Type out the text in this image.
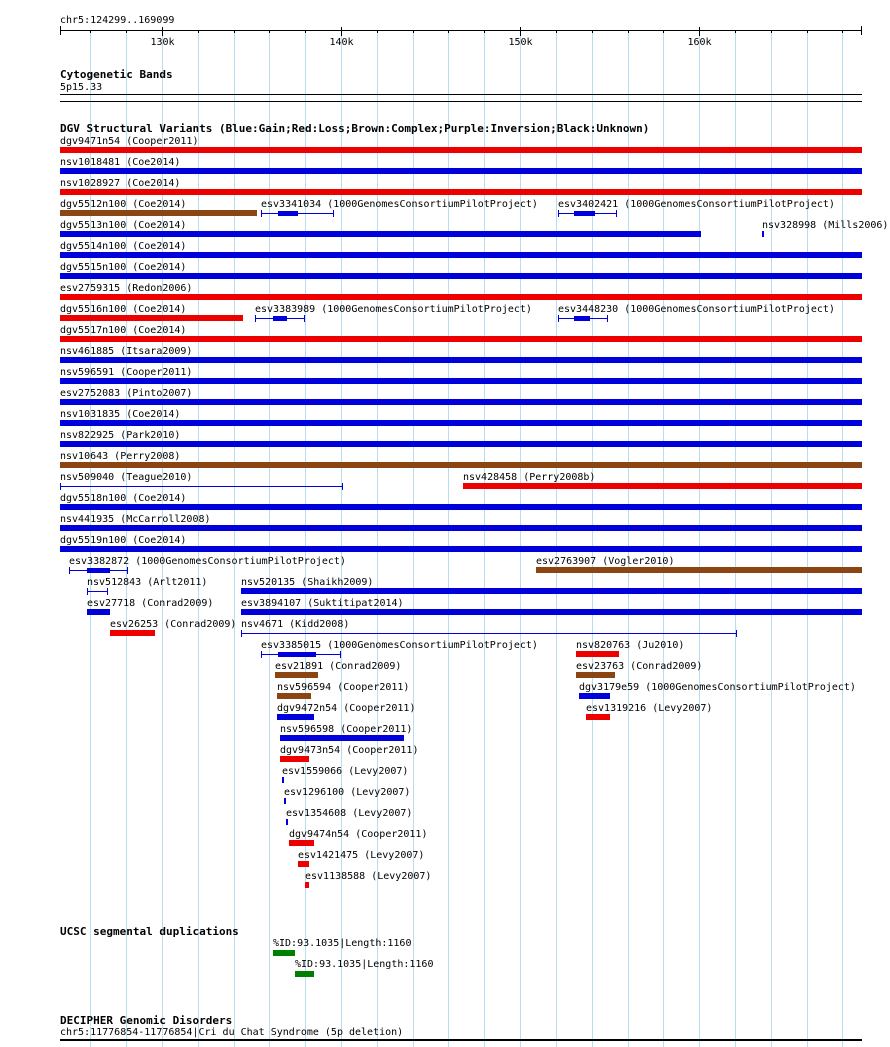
chr5:124299..169099
130k	140k	150k	160k
Cytogenetic Bands
5p15.33
DGV Structural Variants (Blue:Gain;Red:Loss;Brown:Complex;Purple:Inversion;Black:Unknown)
dgv9471n54 (Cooper2011)
nsv1018481 (Coe2014)
nsv1028927 (Coe2014)
dgv5512n100 (Coe2014)	esv3341034 (1000GenomesConsortiumPilotProject) esv3402421 (1000GenomesConsortiumPilotProject)
dgv5513n100 (Coe2014)	nsv328998 (Mills2006)
dgv5514n100 (Coe2014)
dgv5515n100 (Coe2014)
esv2759315 (Redon2006)
dgv5516n100 (Coe2014)	esv3383989 (1000GenomesConsortiumPilotProject)	esv3448230 (1000GenomesConsortiumPilotProject)
dgv5517n100 (Coe2014)
nsv461885 (Itsara2009)
nsv596591 (Cooper2011)
esv2752083 (Pinto2007)
nsv1031835 (Coe2014)
nsv822925 (Park2010)
nsv10643 (Perry2008)
nsv509040 (Teague2010)	nsv428458 (Perry2008b)
dgv5518n100 (Coe2014)
nsv441935 (McCarroll2008)
dgv5519n100 (Coe2014)
esv3382872 (1000GenomesConsortiumPilotProject)	esv2763907 (Vogler2010)
nsv512843 (Arlt2011)	nsv520135 (Shaikh2009)
esv27718 (Conrad2009)	esv3894107 (Suktitipat2014)
esv26253 (Conrad2009) nsv4671 (Kidd2008)
esv3385015 (1000GenomesConsortiumPilotProject)	nsv820763 (Ju2010)
esv21891 (Conrad2009)	esv23763 (Conrad2009)
nsv596594 (Cooper2011)	dgv3179e59 (1000GenomesConsortiumPilotProject)
dgv9472n54 (Cooper2011)	esv1319216 (Levy2007)
nsv596598 (Cooper2011)
dgv9473n54 (Cooper2011)
esv1559066 (Levy2007)
esv1296100 (Levy2007)
esv1354608 (Levy2007)
dgv9474n54 (Cooper2011)
esv1421475 (Levy2007)
esv1138588 (Levy2007)
UCSC segmental duplications
%ID:93.1035|Length:1160
%ID:93.1035|Length:1160
DECIPHER Genomic Disorders
chr5:11776854-11776854|Cri du Chat Syndrome (5p deletion)
